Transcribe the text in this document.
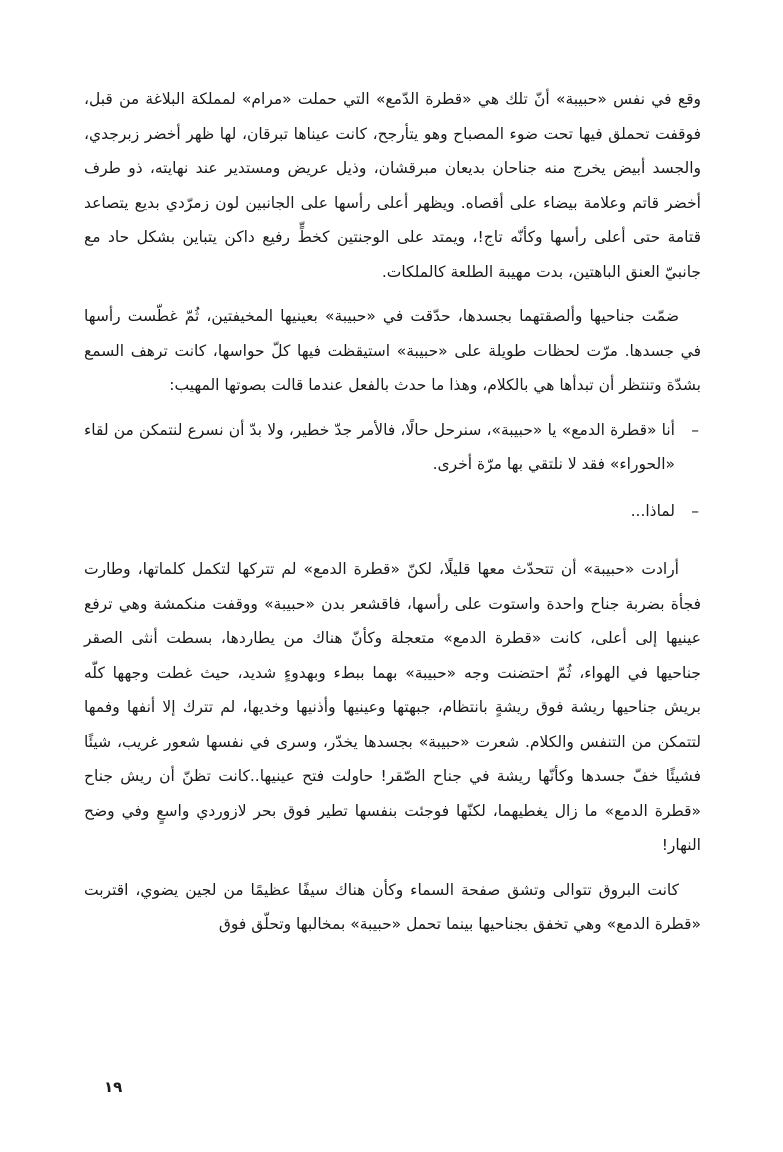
وقع في نفس «حبيبة» أنّ تلك هي «قطرة الدّمع» التي حملت «مرام» لمملكة البلاغة من قبل، فوقفت تحملق فيها تحت ضوء المصباح وهو يتأرجح، كانت عيناها تبرقان، لها ظهر أخضر زبرجدي، والجسد أبيض يخرج منه جناحان بديعان مبرقشان، وذيل عريض ومستدير عند نهايته، ذو طرف أخضر قاتم وعلامة بيضاء على أقصاه. ويظهر أعلى رأسها على الجانبين لون زمرّدي بديع يتصاعد قتامة حتى أعلى رأسها وكأنّه تاج!، ويمتد على الوجنتين كخطٍّ رفيع داكن يتباين بشكل حاد مع جانبيّ العنق الباهتين، بدت مهيبة الطلعة كالملكات.

ضمّت جناحيها وألصقتهما بجسدها، حدّقت في «حبيبة» بعينيها المخيفتين، ثُمّ غطّست رأسها في جسدها. مرّت لحظات طويلة على «حبيبة» استيقظت فيها كلّ حواسها، كانت ترهف السمع بشدّة وتنتظر أن تبدأها هي بالكلام، وهذا ما حدث بالفعل عندما قالت بصوتها المهيب:

–
أنا «قطرة الدمع» يا «حبيبة»، سنرحل حالًا، فالأمر جدّ خطير، ولا بدّ أن نسرع لنتمكن من لقاء «الحوراء» فقد لا نلتقي بها مرّة أخرى.
–
لماذا...

أرادت «حبيبة» أن تتحدّث معها قليلًا، لكنّ «قطرة الدمع» لم تتركها لتكمل كلماتها، وطارت فجأة بضربة جناح واحدة واستوت على رأسها، فاقشعر بدن «حبيبة» ووقفت منكمشة وهي ترفع عينيها إلى أعلى، كانت «قطرة الدمع» متعجلة وكأنّ هناك من يطاردها، بسطت أنثى الصقر جناحيها في الهواء، ثُمّ احتضنت وجه «حبيبة» بهما ببطء وبهدوءٍ شديد، حيث غطت وجهها كلّه بريش جناحيها ريشة فوق ريشةٍ بانتظام، جبهتها وعينيها وأذنيها وخديها، لم تترك إلا أنفها وفمها لتتمكن من التنفس والكلام. شعرت «حبيبة» بجسدها يخدّر، وسرى في نفسها شعور غريب، شيئًا فشيئًا خفّ جسدها وكأنّها ريشة في جناح الصّقر! حاولت فتح عينيها..كانت تظنّ أن ريش جناح «قطرة الدمع» ما زال يغطيهما، لكنّها فوجئت بنفسها تطير فوق بحر لازوردي واسعٍ وفي وضح النهار!

كانت البروق تتوالى وتشق صفحة السماء وكأن هناك سيفًا عظيمًا من لجين يضوي، اقتربت «قطرة الدمع» وهي تخفق بجناحيها بينما تحمل «حبيبة» بمخالبها وتحلّق فوق

١٩
